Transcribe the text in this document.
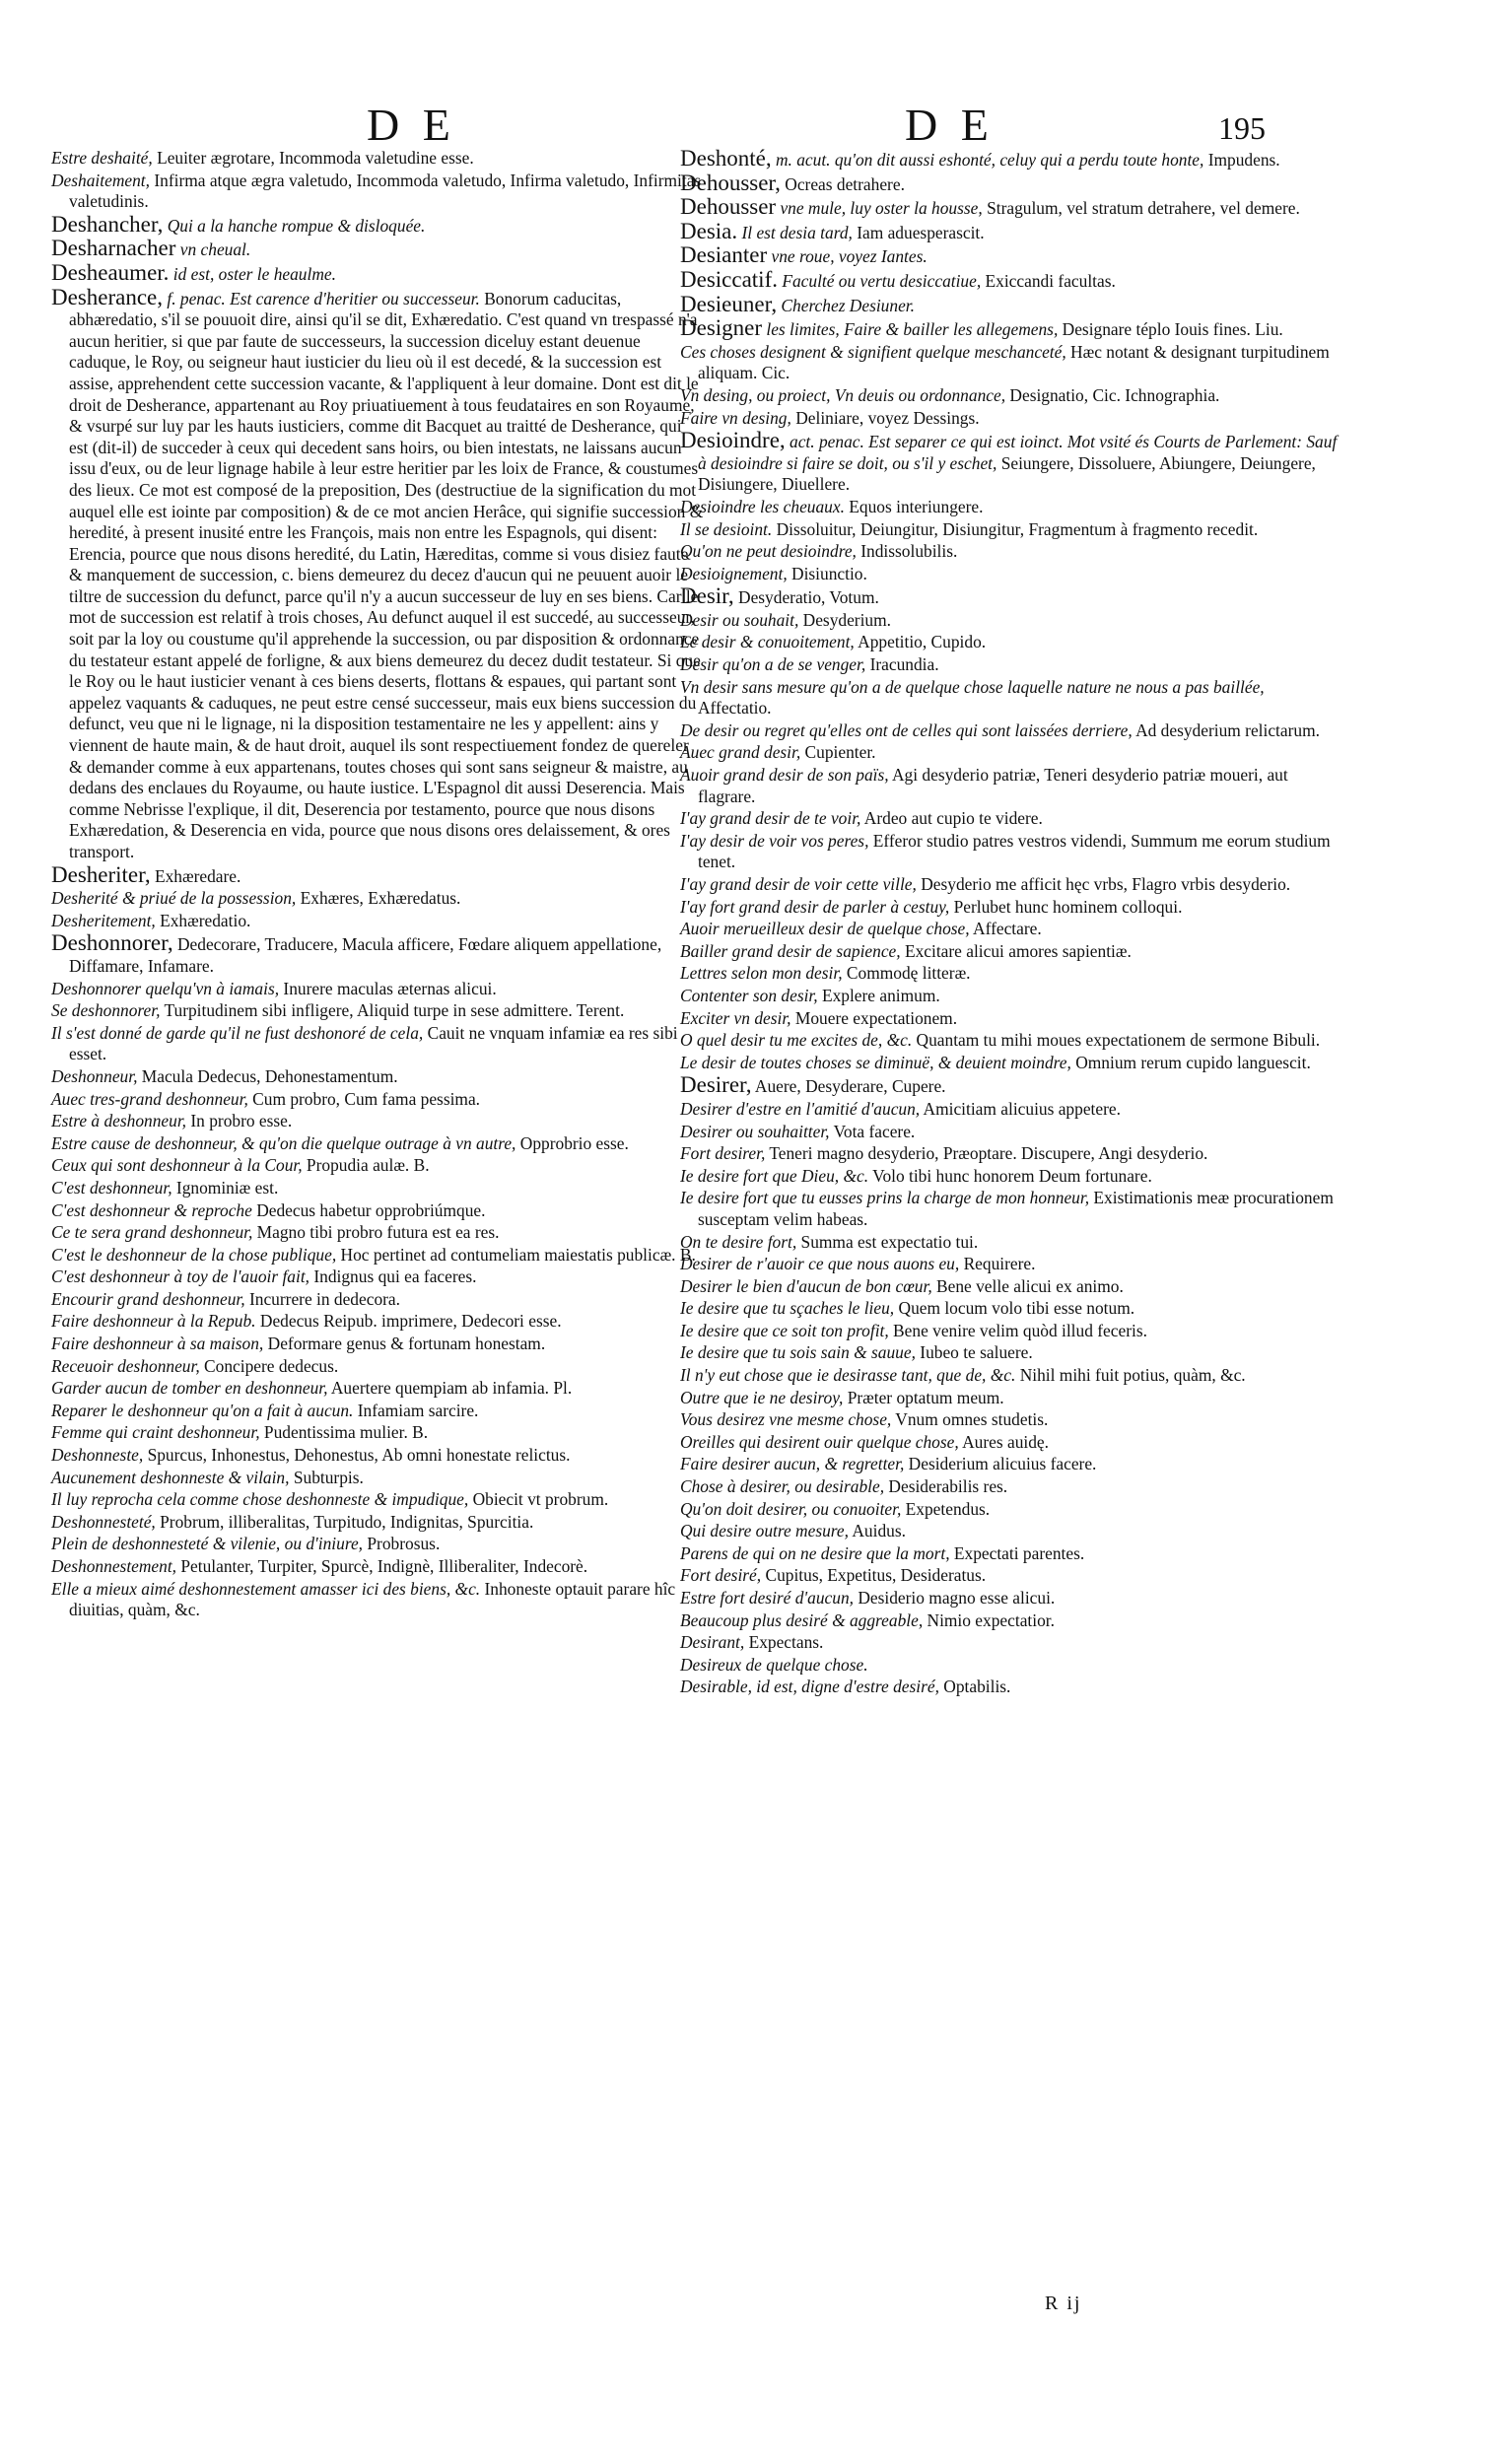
D E	D E	195

Estre deshaité, Leuiter ægrotare, Incommoda valetudine esse.

Deshaitement, Infirma atque ægra valetudo, Incommoda valetudo, Infirma valetudo, Infirmitas valetudinis.

Deshancher, Qui a la hanche rompue & disloquée.

Desharnacher vn cheual.

Desheaumer. id est, oster le heaulme.

Desherance, f. penac. Est carence d'heritier ou successeur. Bonorum caducitas, abhæredatio, s'il se pouuoit dire, ainsi qu'il se dit, Exhæredatio. C'est quand vn trespassé n'a aucun heritier, si que par faute de successeurs, la succession diceluy estant deuenue caduque, le Roy, ou seigneur haut iusticier du lieu où il est decedé, & la succession est assise, apprehendent cette succession vacante, & l'appliquent à leur domaine. Dont est dit le droit de Desherance, appartenant au Roy priuatiuement à tous feudataires en son Royaume, & vsurpé sur luy par les hauts iusticiers, comme dit Bacquet au traitté de Desherance, qui est (dit-il) de succeder à ceux qui decedent sans hoirs, ou bien intestats, ne laissans aucun issu d'eux, ou de leur lignage habile à leur estre heritier par les loix de France, & coustumes des lieux. Ce mot est composé de la preposition, Des (destructiue de la signification du mot auquel elle est iointe par composition) & de ce mot ancien Herâce, qui signifie succession & heredité, à present inusité entre les François, mais non entre les Espagnols, qui disent: Erencia, pource que nous disons heredité, du Latin, Hæreditas, comme si vous disiez faute & manquement de succession, c. biens demeurez du decez d'aucun qui ne peuuent auoir le tiltre de succession du defunct, parce qu'il n'y a aucun successeur de luy en ses biens. Car le mot de succession est relatif à trois choses, Au defunct auquel il est succedé, au successeur, soit par la loy ou coustume qu'il apprehende la succession, ou par disposition & ordonnance du testateur estant appelé de forligne, & aux biens demeurez du decez dudit testateur. Si que le Roy ou le haut iusticier venant à ces biens deserts, flottans & espaues, qui partant sont appelez vaquants & caduques, ne peut estre censé successeur, mais eux biens succession du defunct, veu que ni le lignage, ni la disposition testamentaire ne les y appellent: ains y viennent de haute main, & de haut droit, auquel ils sont respectiuement fondez de quereler & demander comme à eux appartenans, toutes choses qui sont sans seigneur & maistre, au dedans des enclaues du Royaume, ou haute iustice. L'Espagnol dit aussi Deserencia. Mais comme Nebrisse l'explique, il dit, Deserencia por testamento, pource que nous disons Exhæredation, & Deserencia en vida, pource que nous disons ores delaissement, & ores transport.

Desheriter, Exhæredare.

Desherité & priué de la possession, Exhæres, Exhæredatus.

Desheritement, Exhæredatio.

Deshonnorer, Dedecorare, Traducere, Macula afficere, Fœdare aliquem appellatione, Diffamare, Infamare.

Deshonnorer quelqu'vn à iamais, Inurere maculas æternas alicui.

Se deshonnorer, Turpitudinem sibi infligere, Aliquid turpe in sese admittere. Terent.

Il s'est donné de garde qu'il ne fust deshonoré de cela, Cauit ne vnquam infamiæ ea res sibi esset.

Deshonneur, Macula Dedecus, Dehonestamentum.

Auec tres-grand deshonneur, Cum probro, Cum fama pessima.

Estre à deshonneur, In probro esse.

Estre cause de deshonneur, & qu'on die quelque outrage à vn autre, Opprobrio esse.

Ceux qui sont deshonneur à la Cour, Propudia aulæ. B.

C'est deshonneur, Ignominiæ est.

C'est deshonneur & reproche Dedecus habetur opprobriúmque.

Ce te sera grand deshonneur, Magno tibi probro futura est ea res.

C'est le deshonneur de la chose publique, Hoc pertinet ad contumeliam maiestatis publicæ. B.

C'est deshonneur à toy de l'auoir fait, Indignus qui ea faceres.

Encourir grand deshonneur, Incurrere in dedecora.

Faire deshonneur à la Repub. Dedecus Reipub. imprimere, Dedecori esse.

Faire deshonneur à sa maison, Deformare genus & fortunam honestam.

Receuoir deshonneur, Concipere dedecus.

Garder aucun de tomber en deshonneur, Auertere quempiam ab infamia. Pl.

Reparer le deshonneur qu'on a fait à aucun. Infamiam sarcire.

Femme qui craint deshonneur, Pudentissima mulier. B.

Deshonneste, Spurcus, Inhonestus, Dehonestus, Ab omni honestate relictus.

Aucunement deshonneste & vilain, Subturpis.

Il luy reprocha cela comme chose deshonneste & impudique, Obiecit vt probrum.

Deshonnesteté, Probrum, illiberalitas, Turpitudo, Indignitas, Spurcitia.

Plein de deshonnesteté & vilenie, ou d'iniure, Probrosus.

Deshonnestement, Petulanter, Turpiter, Spurcè, Indignè, Illiberaliter, Indecorè.

Elle a mieux aimé deshonnestement amasser ici des biens, &c. Inhoneste optauit parare hîc diuitias, quàm, &c.

Deshonté, m. acut. qu'on dit aussi eshonté, celuy qui a perdu toute honte, Impudens.

Dehousser, Ocreas detrahere.

Dehousser vne mule, luy oster la housse, Stragulum, vel stratum detrahere, vel demere.

Desia. Il est desia tard, Iam aduesperascit.

Desianter vne roue, voyez Iantes.

Desiccatif. Faculté ou vertu desiccatiue, Exiccandi facultas.

Desieuner, Cherchez Desiuner.

Designer les limites, Faire & bailler les allegemens, Designare téplo Iouis fines. Liu.

Ces choses designent & signifient quelque meschanceté, Hæc notant & designant turpitudinem aliquam. Cic.

Vn desing, ou proiect, Vn deuis ou ordonnance, Designatio, Cic. Ichnographia.

Faire vn desing, Deliniare, voyez Dessings.

Desioindre, act. penac. Est separer ce qui est ioinct. Mot vsité és Courts de Parlement: Sauf à desioindre si faire se doit, ou s'il y eschet, Seiungere, Dissoluere, Abiungere, Deiungere, Disiungere, Diuellere.

Desioindre les cheuaux. Equos interiungere.

Il se desioint. Dissoluitur, Deiungitur, Disiungitur, Fragmentum à fragmento recedit.

Qu'on ne peut desioindre, Indissolubilis.

Desioignement, Disiunctio.

Desir, Desyderatio, Votum.

Desir ou souhait, Desyderium.

Le desir & conuoitement, Appetitio, Cupido.

Desir qu'on a de se venger, Iracundia.

Vn desir sans mesure qu'on a de quelque chose laquelle nature ne nous a pas baillée, Affectatio.

De desir ou regret qu'elles ont de celles qui sont laissées derriere, Ad desyderium relictarum.

Auec grand desir, Cupienter.

Auoir grand desir de son païs, Agi desyderio patriæ, Teneri desyderio patriæ moueri, aut flagrare.

I'ay grand desir de te voir, Ardeo aut cupio te videre.

I'ay desir de voir vos peres, Efferor studio patres vestros videndi, Summum me eorum studium tenet.

I'ay grand desir de voir cette ville, Desyderio me afficit hęc vrbs, Flagro vrbis desyderio.

I'ay fort grand desir de parler à cestuy, Perlubet hunc hominem colloqui.

Auoir merueilleux desir de quelque chose, Affectare.

Bailler grand desir de sapience, Excitare alicui amores sapientiæ.

Lettres selon mon desir, Commodę litteræ.

Contenter son desir, Explere animum.

Exciter vn desir, Mouere expectationem.

O quel desir tu me excites de, &c. Quantam tu mihi moues expectationem de sermone Bibuli.

Le desir de toutes choses se diminuë, & deuient moindre, Omnium rerum cupido languescit.

Desirer, Auere, Desyderare, Cupere.

Desirer d'estre en l'amitié d'aucun, Amicitiam alicuius appetere.

Desirer ou souhaitter, Vota facere.

Fort desirer, Teneri magno desyderio, Præoptare. Discupere, Angi desyderio.

Ie desire fort que Dieu, &c. Volo tibi hunc honorem Deum fortunare.

Ie desire fort que tu eusses prins la charge de mon honneur, Existimationis meæ procurationem susceptam velim habeas.

On te desire fort, Summa est expectatio tui.

Desirer de r'auoir ce que nous auons eu, Requirere.

Desirer le bien d'aucun de bon cœur, Bene velle alicui ex animo.

Ie desire que tu sçaches le lieu, Quem locum volo tibi esse notum.

Ie desire que ce soit ton profit, Bene venire velim quòd illud feceris.

Ie desire que tu sois sain & sauue, Iubeo te saluere.

Il n'y eut chose que ie desirasse tant, que de, &c. Nihil mihi fuit potius, quàm, &c.

Outre que ie ne desiroy, Præter optatum meum.

Vous desirez vne mesme chose, Vnum omnes studetis.

Oreilles qui desirent ouir quelque chose, Aures auidę.

Faire desirer aucun, & regretter, Desiderium alicuius facere.

Chose à desirer, ou desirable, Desiderabilis res.

Qu'on doit desirer, ou conuoiter, Expetendus.

Qui desire outre mesure, Auidus.

Parens de qui on ne desire que la mort, Expectati parentes.

Fort desiré, Cupitus, Expetitus, Desideratus.

Estre fort desiré d'aucun, Desiderio magno esse alicui.

Beaucoup plus desiré & aggreable, Nimio expectatior.

Desirant, Expectans.

Desireux de quelque chose.

Desirable, id est, digne d'estre desiré, Optabilis.

R ij
